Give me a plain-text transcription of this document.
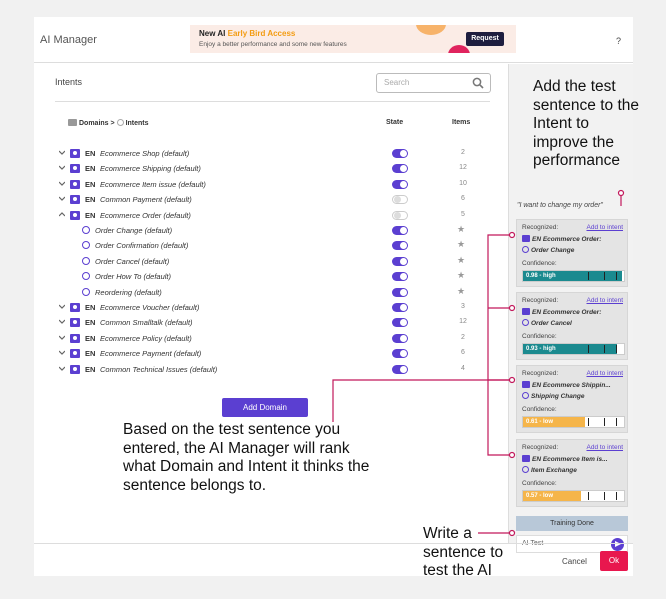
AI Manager
New AI Early Bird Access
Enjoy a better performance and some new features
Request	?
Intents	Search
Domains > Intents	State	Items
EN Ecommerce Shop (default)	2
EN Ecommerce Shipping (default)	12
EN Ecommerce Item issue (default)	10
EN Common Payment (default)	6
EN Ecommerce Order (default)	5
Order Change (default)	★
Order Confirmation (default)	★
Order Cancel (default)	★
Order How To (default)	★
Reordering (default)	★
EN Ecommerce Voucher (default)	3
EN Common Smalltalk (default)	12
EN Ecommerce Policy (default)	2
EN Ecommerce Payment (default)	6
EN Common Technical Issues (default)	4
Add Domain
"I want to change my order"
Recognized:	Add to intent
EN Ecommerce Order:
Order Change
Confidence:
0.98 - high
Recognized:	Add to intent
EN Ecommerce Order:
Order Cancel
Confidence:
0.93 - high
Recognized:	Add to intent
EN Ecommerce Shippin...
Shipping Change
Confidence:
0.61 - low
Recognized:	Add to intent
EN Ecommerce Item is...
Item Exchange
Confidence:
0.57 - low
Training Done
Cancel	Ok
Add the test sentence to the Intent to improve the performance
Based on the test sentence you entered, the AI Manager will rank what Domain and Intent it thinks the sentence belongs to.
Write a sentence to test the AI
